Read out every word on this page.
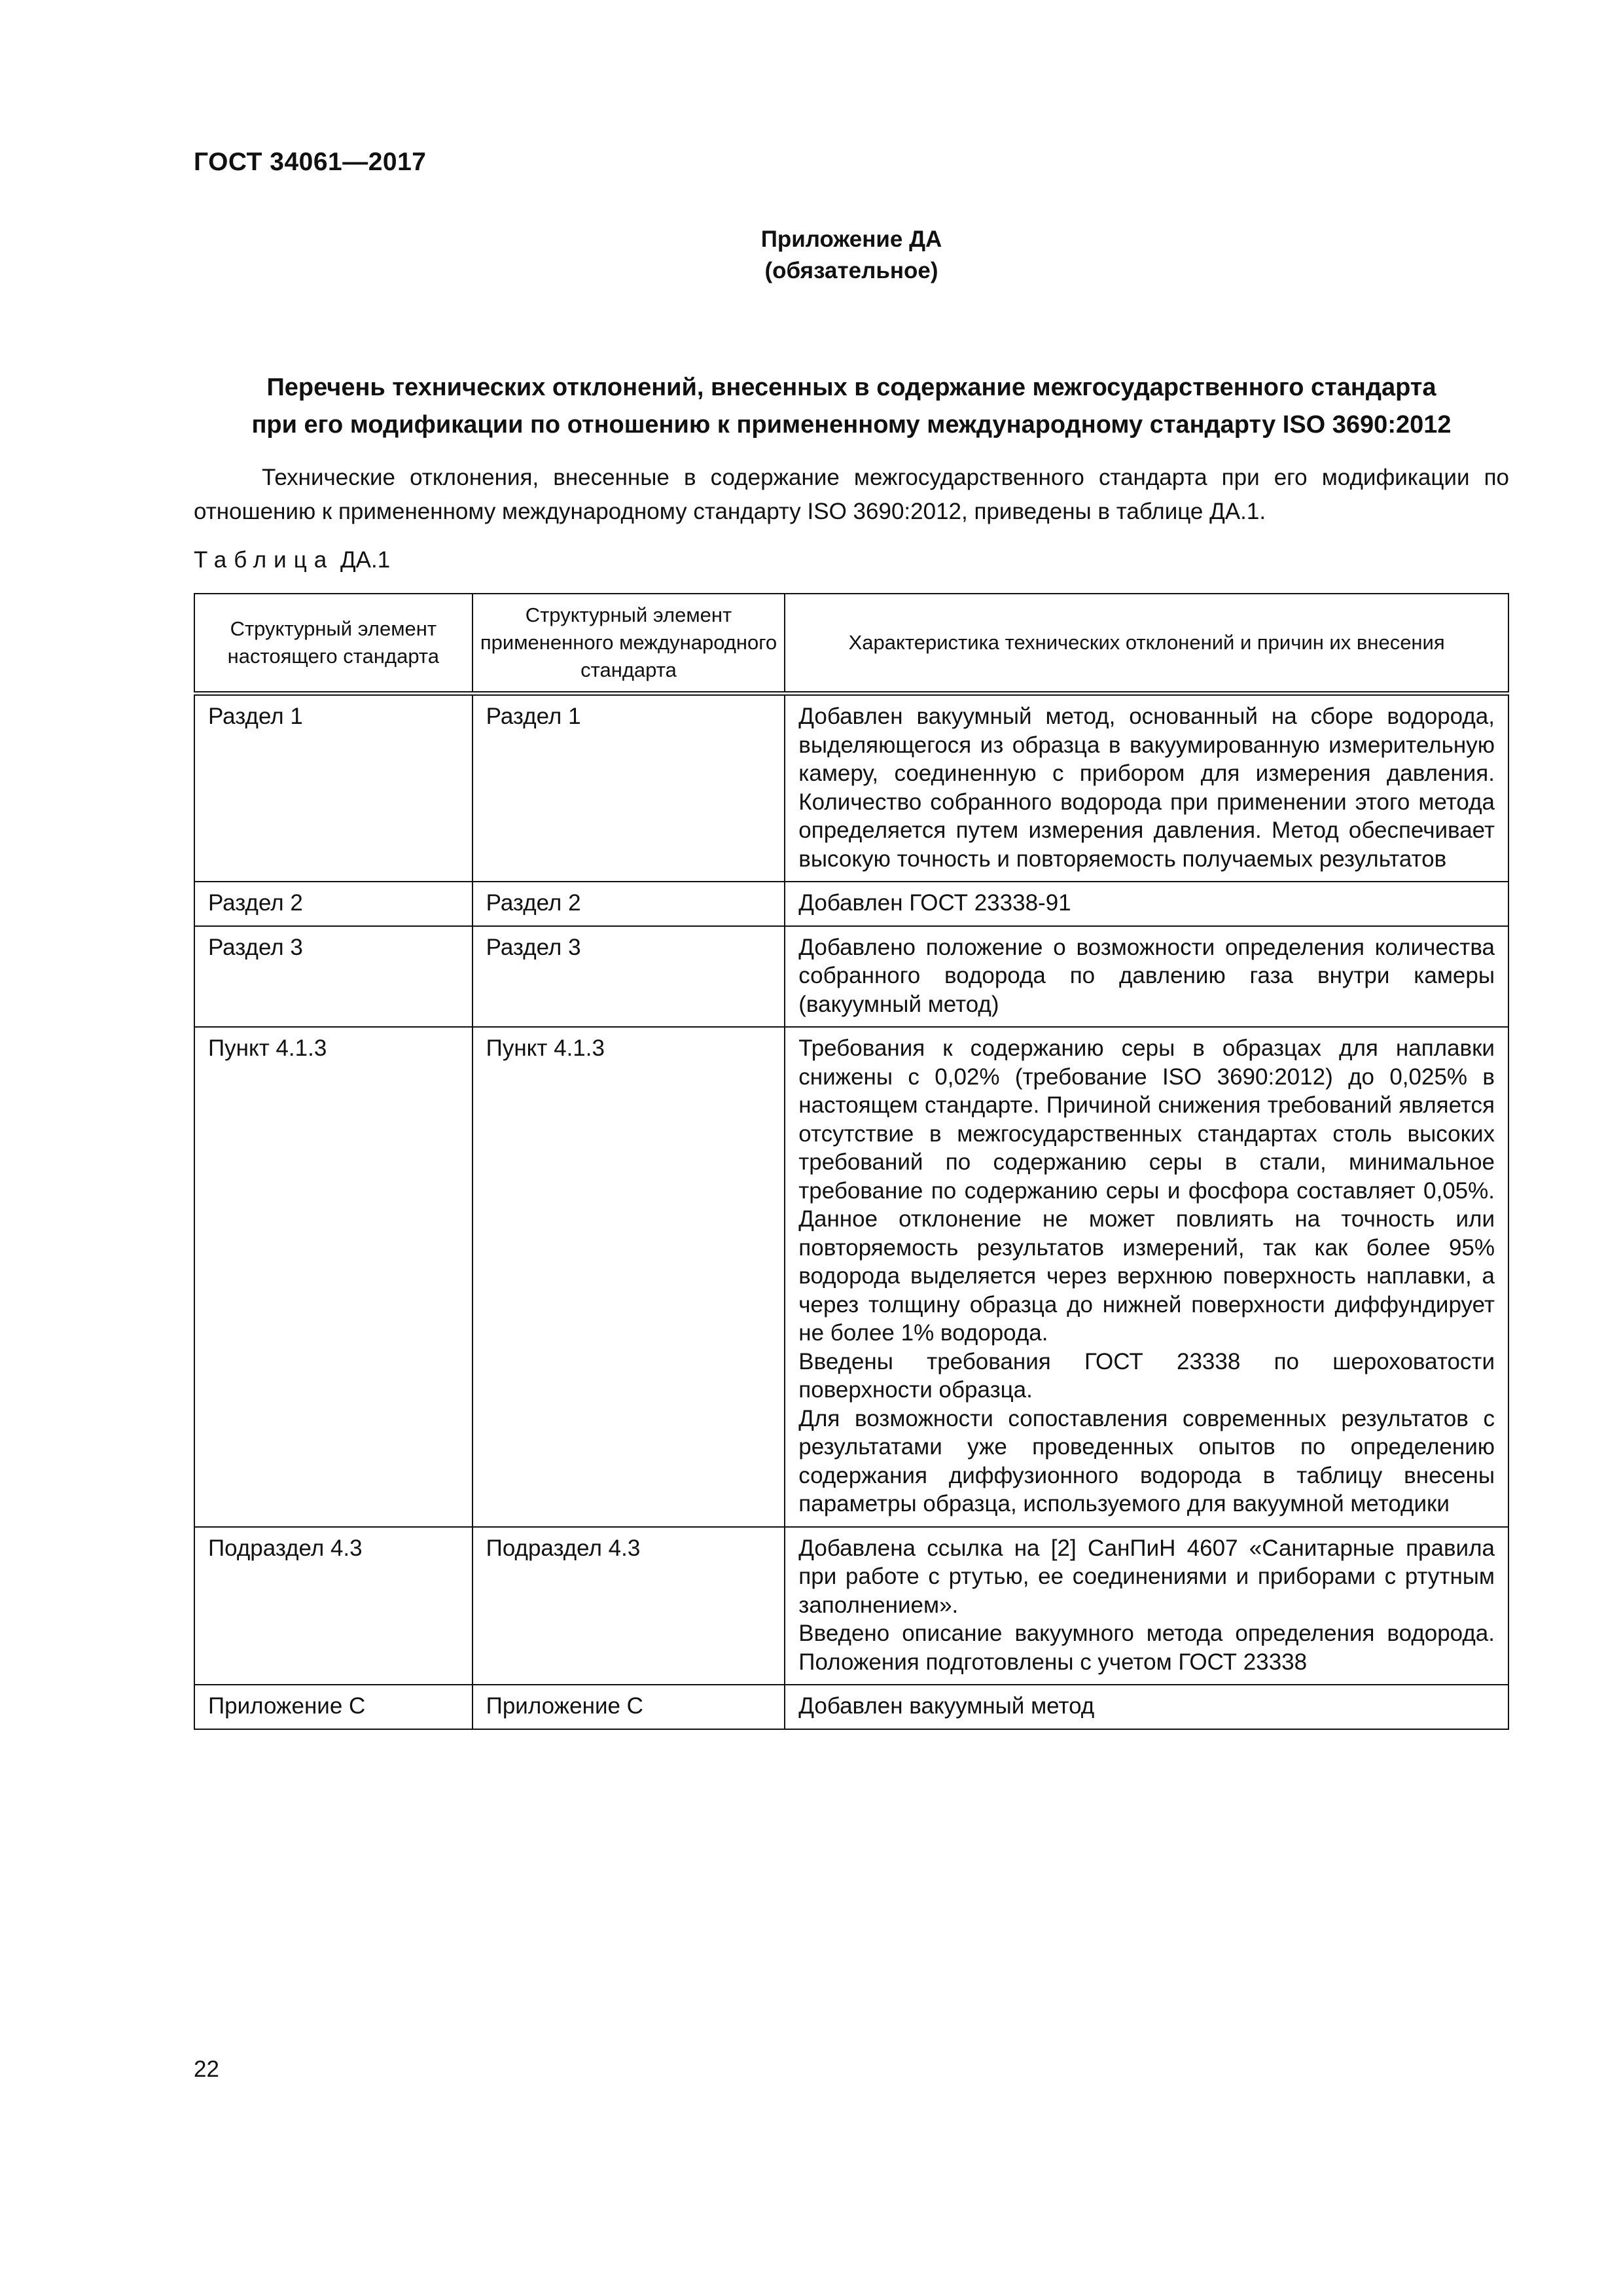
ГОСТ 34061—2017
Приложение ДА
(обязательное)
Перечень технических отклонений, внесенных в содержание межгосударственного стандарта
при его модификации по отношению к примененному международному стандарту ISO 3690:2012
Технические отклонения, внесенные в содержание межгосударственного стандарта при его модификации по отношению к примененному международному стандарту ISO 3690:2012, приведены в таблице ДА.1.
Таблица ДА.1
Структурный элемент настоящего стандарта	Структурный элемент примененного международного стандарта	Характеристика технических отклонений и причин их внесения
Раздел 1	Раздел 1	Добавлен вакуумный метод, основанный на сборе водорода, выделяющегося из образца в вакуумированную измерительную камеру, соединенную с прибором для измерения давления. Количество собранного водорода при применении этого метода определяется путем измерения давления. Метод обеспечивает высокую точность и повторяемость получаемых результатов

Раздел 2	Раздел 2	Добавлен ГОСТ 23338-91

Раздел 3	Раздел 3	Добавлено положение о возможности определения количества собранного водорода по давлению газа внутри камеры (вакуумный метод)

Пункт 4.1.3	Пункт 4.1.3	Требования к содержанию серы в образцах для наплавки снижены с 0,02% (требование ISO 3690:2012) до 0,025% в настоящем стандарте. Причиной снижения требований является отсутствие в межгосударственных стандартах столь высоких требований по содержанию серы в стали, минимальное требование по содержанию серы и фосфора составляет 0,05%. Данное отклонение не может повлиять на точность или повторяемость результатов измерений, так как более 95% водорода выделяется через верхнюю поверхность наплавки, а через толщину образца до нижней поверхности диффундирует не более 1% водорода.
Введены требования ГОСТ 23338 по шероховатости поверхности образца.
Для возможности сопоставления современных результатов с результатами уже проведенных опытов по определению содержания диффузионного водорода в таблицу внесены параметры образца, используемого для вакуумной методики

Подраздел 4.3	Подраздел 4.3	Добавлена ссылка на [2] СанПиН 4607 «Санитарные правила при работе с ртутью, ее соединениями и приборами с ртутным заполнением».
Введено описание вакуумного метода определения водорода. Положения подготовлены с учетом ГОСТ 23338

Приложение С	Приложение С	Добавлен вакуумный метод
22
